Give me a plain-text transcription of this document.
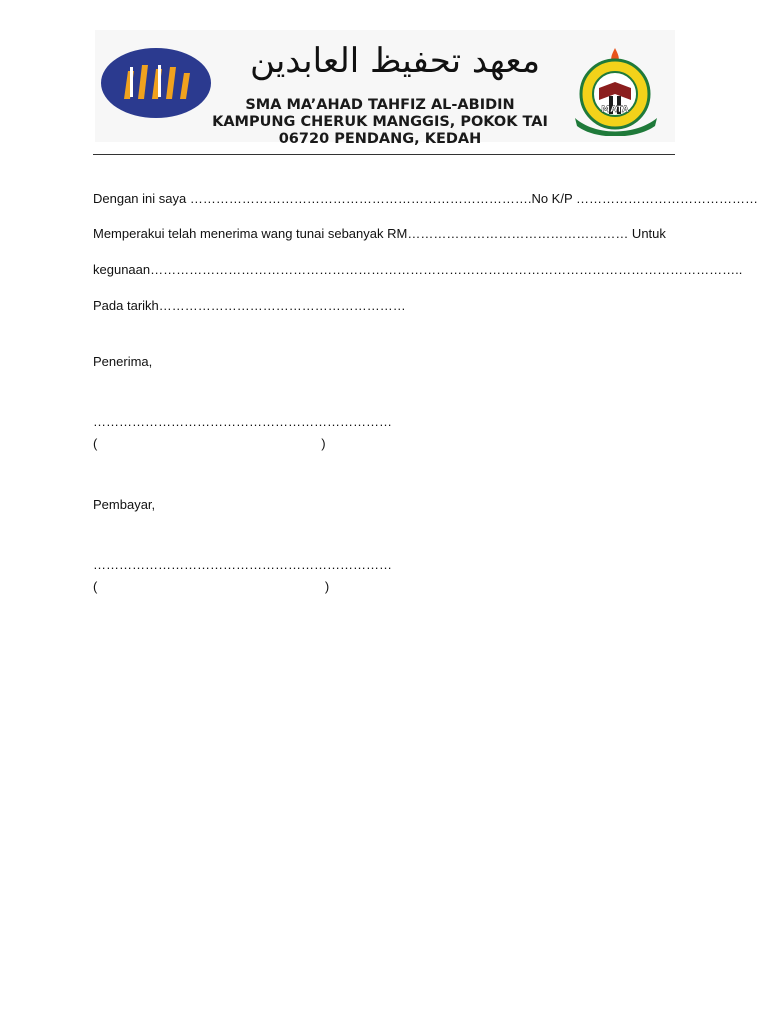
معهد تحفيظ العابدين
SMA MA’AHAD TAHFIZ AL-ABIDIN
KAMPUNG CHERUK MANGGIS, POKOK TAI
06720 PENDANG, KEDAH
MATA
Dengan ini saya …………………………………………………………………….No K/P ……………………………………
Memperakui telah menerima wang tunai sebanyak RM…………………………………………… Untuk
kegunaan………………………………………………………………………………………………………………………..
Pada tarikh…………………………………………………
Penerima,
……………………………………………………………
(                                                              )
Pembayar,
……………………………………………………………
(                                                               )
